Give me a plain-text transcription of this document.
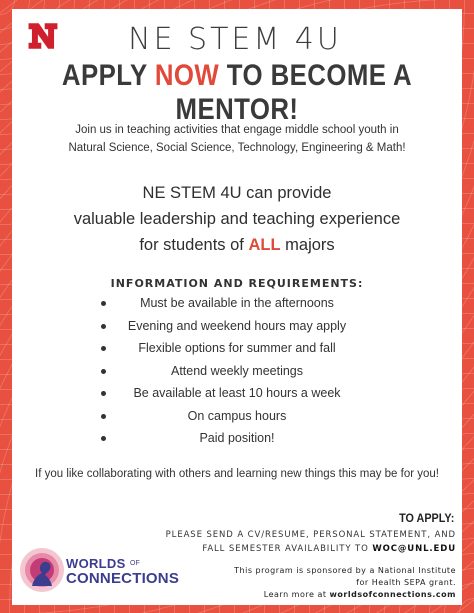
NE STEM 4U
APPLY NOW TO BECOME A MENTOR!
Join us in teaching activities that engage middle school youth in
Natural Science, Social Science, Technology, Engineering & Math!
NE STEM 4U can provide
valuable leadership and teaching experience
for students of ALL majors
INFORMATION AND REQUIREMENTS:
Must be available in the afternoons
Evening and weekend hours may apply
Flexible options for summer and fall
Attend weekly meetings
Be available at least 10 hours a week
On campus hours
Paid position!
If you like collaborating with others and learning new things this may be for you!
TO APPLY:
PLEASE SEND A CV/RESUME, PERSONAL STATEMENT, AND
FALL SEMESTER AVAILABILITY TO WOC@UNL.EDU
WORLDS $^{OF}$
CONNECTIONS	This program is sponsored by a National Institute
for Health SEPA grant.
Learn more at worldsofconnections.com
